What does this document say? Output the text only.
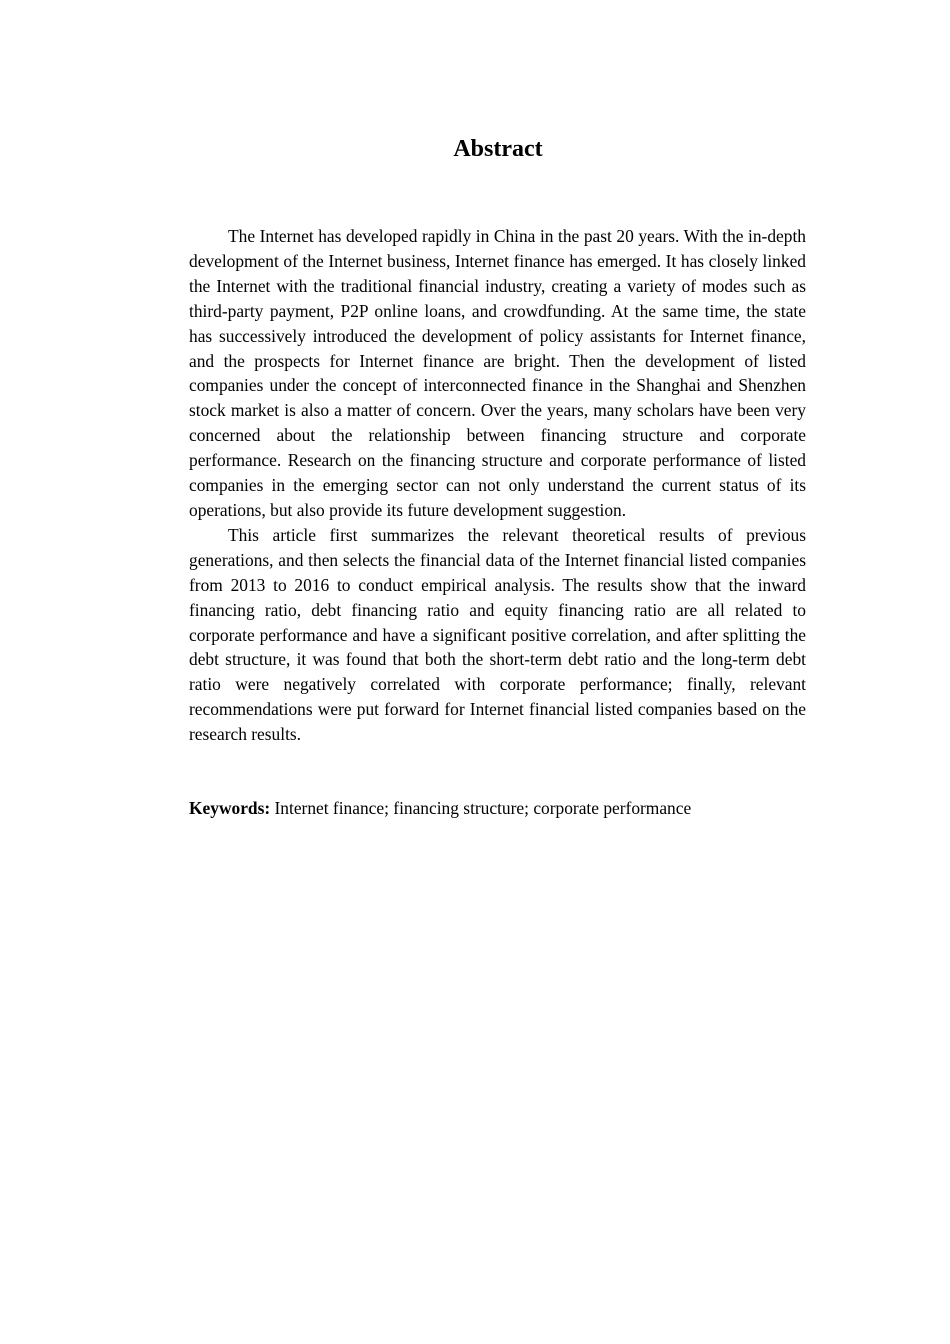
Abstract

The Internet has developed rapidly in China in the past 20 years. With the in-depth development of the Internet business, Internet finance has emerged. It has closely linked the Internet with the traditional financial industry, creating a variety of modes such as third-party payment, P2P online loans, and crowdfunding. At the same time, the state has successively introduced the development of policy assistants for Internet finance, and the prospects for Internet finance are bright. Then the development of listed companies under the concept of interconnected finance in the Shanghai and Shenzhen stock market is also a matter of concern. Over the years, many scholars have been very concerned about the relationship between financing structure and corporate performance. Research on the financing structure and corporate performance of listed companies in the emerging sector can not only understand the current status of its operations, but also provide its future development suggestion.

This article first summarizes the relevant theoretical results of previous generations, and then selects the financial data of the Internet financial listed companies from 2013 to 2016 to conduct empirical analysis. The results show that the inward financing ratio, debt financing ratio and equity financing ratio are all related to corporate performance and have a significant positive correlation, and after splitting the debt structure, it was found that both the short-term debt ratio and the long-term debt ratio were negatively correlated with corporate performance; finally, relevant recommendations were put forward for Internet financial listed companies based on the research results.

Keywords: Internet finance; financing structure; corporate performance
